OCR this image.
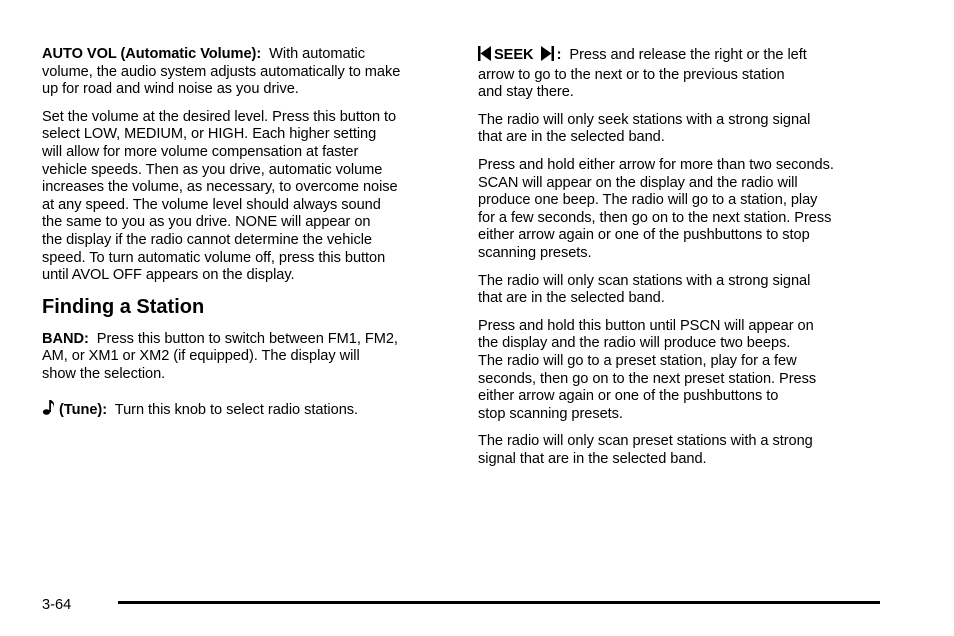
AUTO VOL (Automatic Volume): With automatic
volume, the audio system adjusts automatically to make
up for road and wind noise as you drive.

Set the volume at the desired level. Press this button to
select LOW, MEDIUM, or HIGH. Each higher setting
will allow for more volume compensation at faster
vehicle speeds. Then as you drive, automatic volume
increases the volume, as necessary, to overcome noise
at any speed. The volume level should always sound
the same to you as you drive. NONE will appear on
the display if the radio cannot determine the vehicle
speed. To turn automatic volume off, press this button
until AVOL OFF appears on the display.

Finding a Station

BAND: Press this button to switch between FM1, FM2,
AM, or XM1 or XM2 (if equipped). The display will
show the selection.

(Tune): Turn this knob to select radio stations.

SEEK : Press and release the right or the left
arrow to go to the next or to the previous station
and stay there.

The radio will only seek stations with a strong signal
that are in the selected band.

Press and hold either arrow for more than two seconds.
SCAN will appear on the display and the radio will
produce one beep. The radio will go to a station, play
for a few seconds, then go on to the next station. Press
either arrow again or one of the pushbuttons to stop
scanning presets.

The radio will only scan stations with a strong signal
that are in the selected band.

Press and hold this button until PSCN will appear on
the display and the radio will produce two beeps.
The radio will go to a preset station, play for a few
seconds, then go on to the next preset station. Press
either arrow again or one of the pushbuttons to
stop scanning presets.

The radio will only scan preset stations with a strong
signal that are in the selected band.

3-64
